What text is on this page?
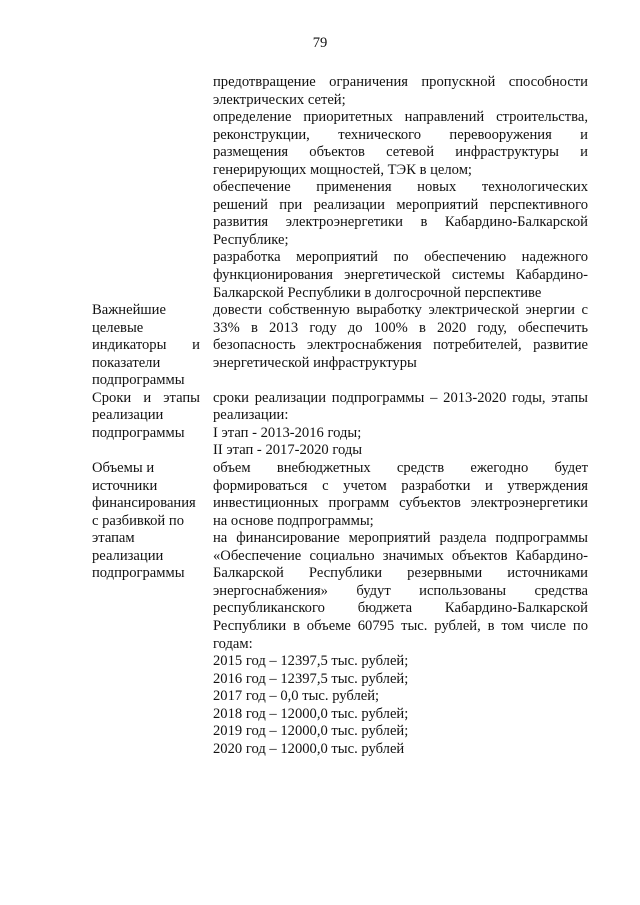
79
предотвращение ограничения пропускной способности
электрических сетей;
определение приоритетных направлений строительства,
реконструкции, технического перевооружения и
размещения объектов сетевой инфраструктуры и
генерирующих мощностей, ТЭК в целом;
обеспечение применения новых технологических
решений при реализации мероприятий перспективного
развития электроэнергетики в Кабардино-Балкарской
Республике;
разработка мероприятий по обеспечению надежного
функционирования энергетической системы Кабардино-
Балкарской Республики в долгосрочной перспективе
Важнейшие
целевые
индикаторы и
показатели
подпрограммы
довести собственную выработку электрической энергии с
33% в 2013 году до 100% в 2020 году, обеспечить
безопасность электроснабжения потребителей, развитие
энергетической инфраструктуры
Сроки и этапы
реализации
подпрограммы
сроки реализации подпрограммы – 2013-2020 годы, этапы
реализации:
I этап - 2013-2016 годы;
II этап - 2017-2020 годы
Объемы и
источники
финансирования
с разбивкой по
этапам
реализации
подпрограммы
объем внебюджетных средств ежегодно будет
формироваться с учетом разработки и утверждения
инвестиционных программ субъектов электроэнергетики
на основе подпрограммы;
на финансирование мероприятий раздела подпрограммы
«Обеспечение социально значимых объектов Кабардино-
Балкарской Республики резервными источниками
энергоснабжения» будут использованы средства
республиканского бюджета Кабардино-Балкарской
Республики в объеме 60795 тыс. рублей, в том числе по
годам:
2015 год – 12397,5 тыс. рублей;
2016 год – 12397,5 тыс. рублей;
2017 год – 0,0 тыс. рублей;
2018 год – 12000,0 тыс. рублей;
2019 год – 12000,0 тыс. рублей;
2020 год – 12000,0 тыс. рублей
